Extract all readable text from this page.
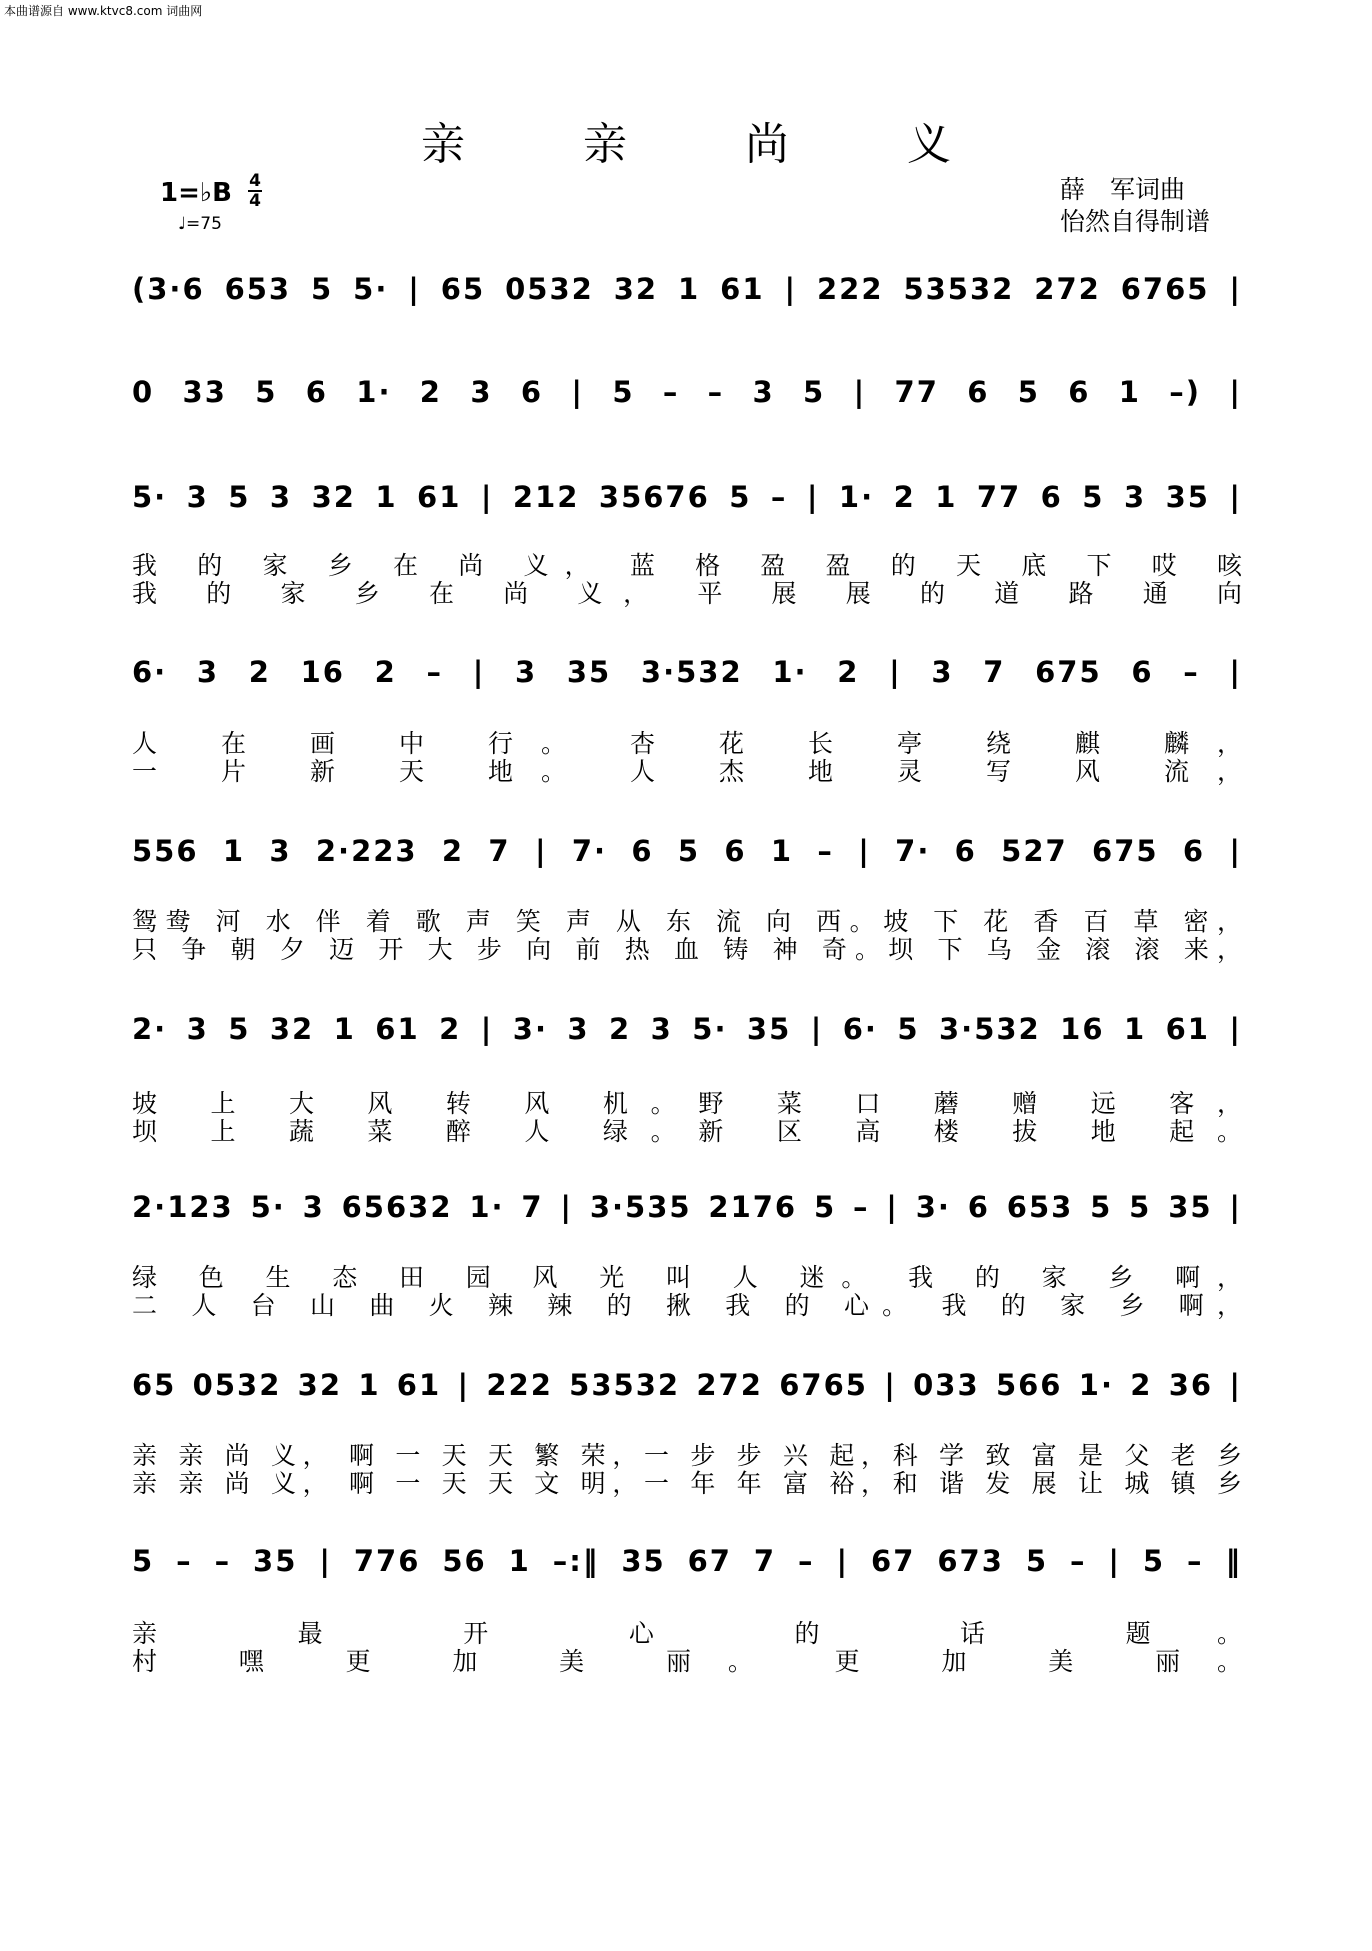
本曲谱源自 www.ktvc8.com 词曲网
亲 亲 尚 义
1=♭B 4
4
♩=75
薛　军词曲
怡然自得制谱
(3·6 653 5 5· | 65 0532 32 1 61 | 222 53532 272 6765 |
0 33 5 6 1· 2 3 6 | 5 – – 3 5 | 77 6 5 6 1 –) |
5· 3 5 3 32 1 61 | 212 35676 5 – | 1· 2 1 77 6 5 3 35 |
我 的 家 乡 在 尚 义， 蓝 格 盈 盈 的 天 底 下 哎 咳
我 的 家 乡 在 尚 义， 平 展 展 的 道 路 通 向
6· 3 2 16 2 – | 3 35 3·532 1· 2 | 3 7 675 6 – |
人 在 画 中 行。 杏 花 长 亭 绕 麒 麟，
一 片 新 天 地。 人 杰 地 灵 写 风 流，
556 1 3 2·223 2 7 | 7· 6 5 6 1 – | 7· 6 527 675 6 |
鸳鸯 河 水 伴 着 歌 声 笑 声 从 东 流 向 西。坡 下 花 香 百 草 密，
只 争 朝 夕 迈 开 大 步 向 前 热 血 铸 神 奇。坝 下 乌 金 滚 滚 来，
2· 3 5 32 1 61 2 | 3· 3 2 3 5· 35 | 6· 5 3·532 16 1 61 |
坡 上 大 风 转 风 机。野 菜 口 蘑 赠 远 客，
坝 上 蔬 菜 醉 人 绿。新 区 高 楼 拔 地 起。
2·123 5· 3 65632 1· 7 | 3·535 2176 5 – | 3· 6 653 5 5 35 |
绿 色 生 态 田 园 风 光 叫 人 迷。 我 的 家 乡 啊，
二 人 台 山 曲 火 辣 辣 的 揪 我 的 心。 我 的 家 乡 啊，
65 0532 32 1 61 | 222 53532 272 6765 | 033 566 1· 2 36 |
亲 亲 尚 义， 啊 一 天 天 繁 荣，一 步 步 兴 起，科 学 致 富 是 父 老 乡
亲 亲 尚 义， 啊 一 天 天 文 明，一 年 年 富 裕，和 谐 发 展 让 城 镇 乡
5 – – 35 | 776 56 1 –:‖ 35 67 7 – | 67 673 5 – | 5 – ‖
亲 最 开 心 的 话 题。
村 嘿 更 加 美 丽。 更 加 美 丽。
